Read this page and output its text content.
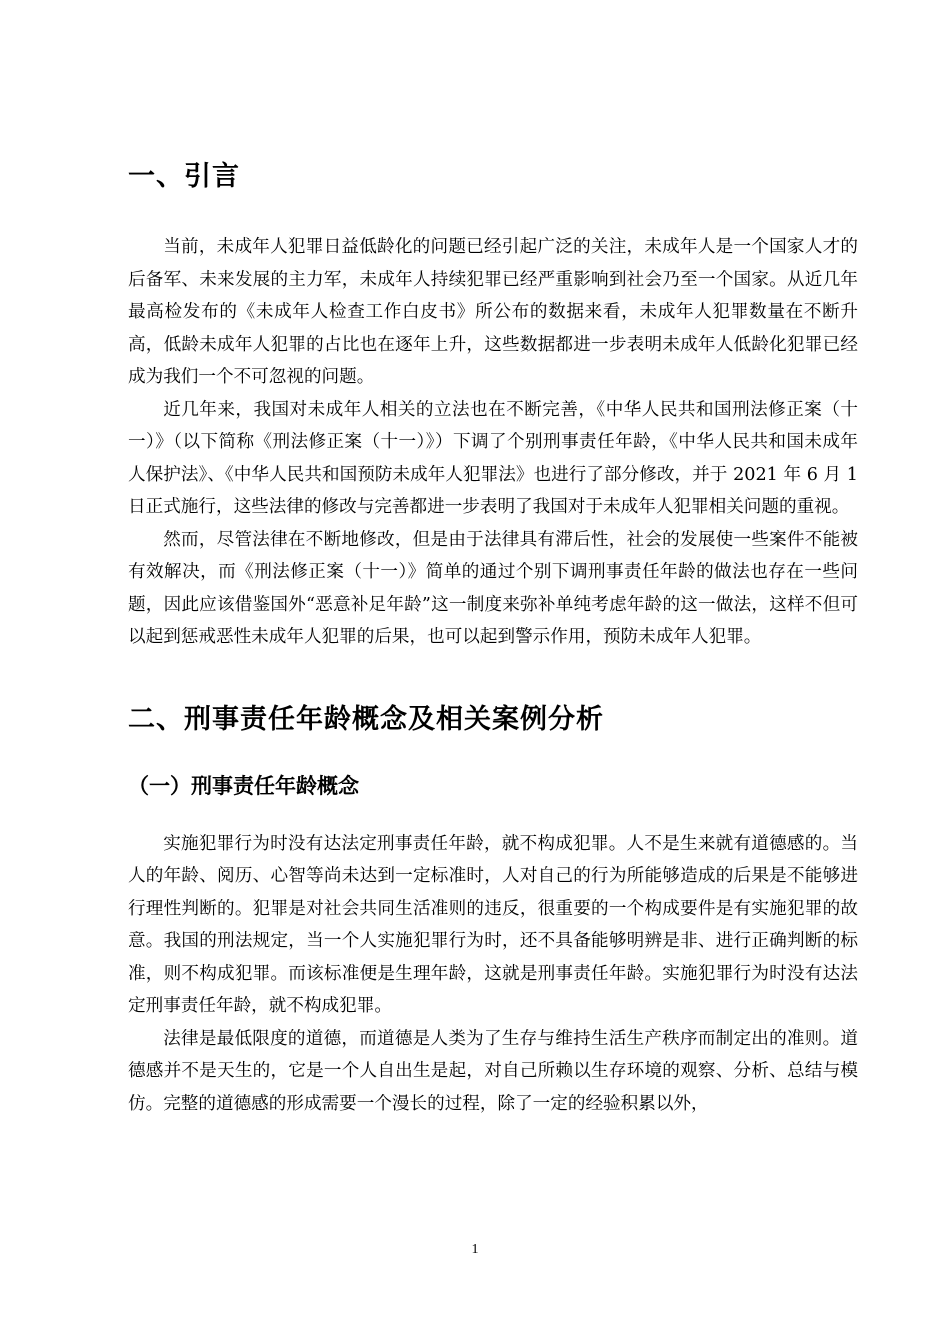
一、引言

当前，未成年人犯罪日益低龄化的问题已经引起广泛的关注，未成年人是一个国家人才的后备军、未来发展的主力军，未成年人持续犯罪已经严重影响到社会乃至一个国家。从近几年最高检发布的《未成年人检查工作白皮书》所公布的数据来看，未成年人犯罪数量在不断升高，低龄未成年人犯罪的占比也在逐年上升，这些数据都进一步表明未成年人低龄化犯罪已经成为我们一个不可忽视的问题。

近几年来，我国对未成年人相关的立法也在不断完善，《中华人民共和国刑法修正案（十一）》（以下简称《刑法修正案（十一）》）下调了个别刑事责任年龄，《中华人民共和国未成年人保护法》、《中华人民共和国预防未成年人犯罪法》也进行了部分修改，并于 2021 年 6 月 1 日正式施行，这些法律的修改与完善都进一步表明了我国对于未成年人犯罪相关问题的重视。

然而，尽管法律在不断地修改，但是由于法律具有滞后性，社会的发展使一些案件不能被有效解决，而《刑法修正案（十一）》简单的通过个别下调刑事责任年龄的做法也存在一些问题，因此应该借鉴国外“恶意补足年龄”这一制度来弥补单纯考虑年龄的这一做法，这样不但可以起到惩戒恶性未成年人犯罪的后果，也可以起到警示作用，预防未成年人犯罪。

二、刑事责任年龄概念及相关案例分析
（一）刑事责任年龄概念

实施犯罪行为时没有达法定刑事责任年龄，就不构成犯罪。人不是生来就有道德感的。当人的年龄、阅历、心智等尚未达到一定标准时，人对自己的行为所能够造成的后果是不能够进行理性判断的。犯罪是对社会共同生活准则的违反，很重要的一个构成要件是有实施犯罪的故意。我国的刑法规定，当一个人实施犯罪行为时，还不具备能够明辨是非、进行正确判断的标准，则不构成犯罪。而该标准便是生理年龄，这就是刑事责任年龄。实施犯罪行为时没有达法定刑事责任年龄，就不构成犯罪。

法律是最低限度的道德，而道德是人类为了生存与维持生活生产秩序而制定出的准则。道德感并不是天生的，它是一个人自出生是起，对自己所赖以生存环境的观察、分析、总结与模仿。完整的道德感的形成需要一个漫长的过程，除了一定的经验积累以外，

1
